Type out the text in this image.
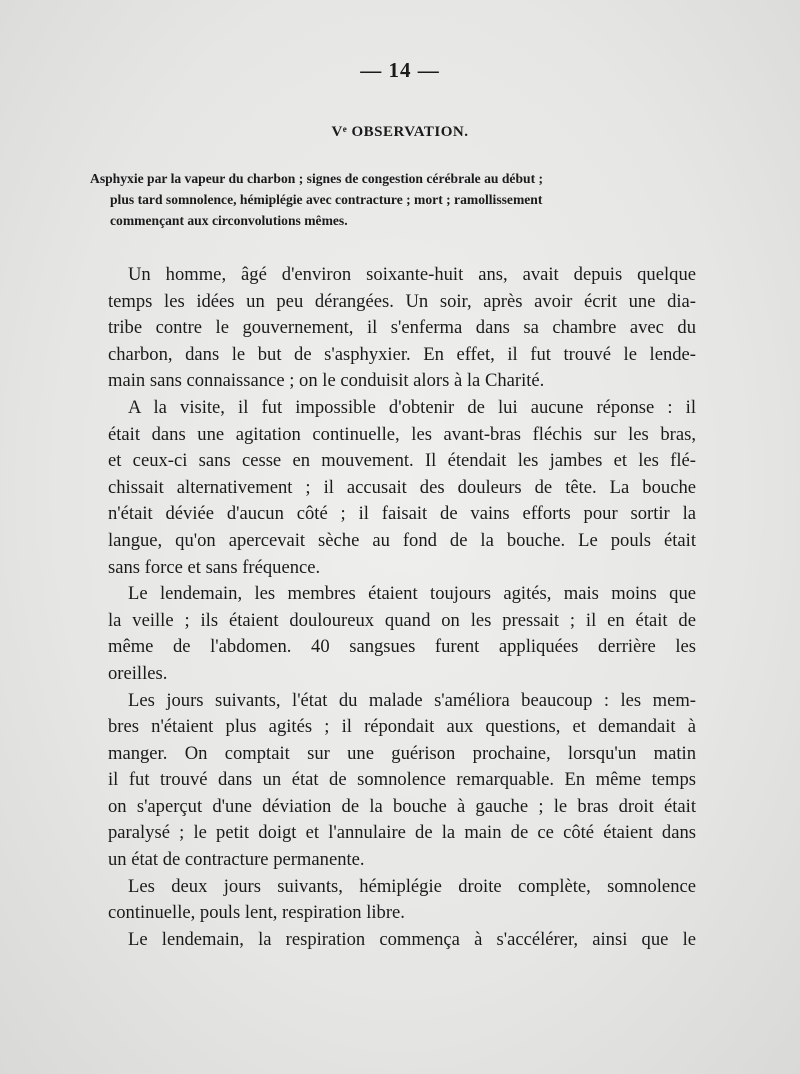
— 14 —
Vᵉ OBSERVATION.
Asphyxie par la vapeur du charbon ; signes de congestion cérébrale au début ;
plus tard somnolence, hémiplégie avec contracture ; mort ; ramollissement
commençant aux circonvolutions mêmes.
Un homme, âgé d'environ soixante-huit ans, avait depuis quelque
temps les idées un peu dérangées. Un soir, après avoir écrit une dia-
tribe contre le gouvernement, il s'enferma dans sa chambre avec du
charbon, dans le but de s'asphyxier. En effet, il fut trouvé le lende-
main sans connaissance ; on le conduisit alors à la Charité.
A la visite, il fut impossible d'obtenir de lui aucune réponse : il
était dans une agitation continuelle, les avant-bras fléchis sur les bras,
et ceux-ci sans cesse en mouvement. Il étendait les jambes et les flé-
chissait alternativement ; il accusait des douleurs de tête. La bouche
n'était déviée d'aucun côté ; il faisait de vains efforts pour sortir la
langue, qu'on apercevait sèche au fond de la bouche. Le pouls était
sans force et sans fréquence.
Le lendemain, les membres étaient toujours agités, mais moins que
la veille ; ils étaient douloureux quand on les pressait ; il en était de
même de l'abdomen. 40 sangsues furent appliquées derrière les
oreilles.
Les jours suivants, l'état du malade s'améliora beaucoup : les mem-
bres n'étaient plus agités ; il répondait aux questions, et demandait à
manger. On comptait sur une guérison prochaine, lorsqu'un matin
il fut trouvé dans un état de somnolence remarquable. En même temps
on s'aperçut d'une déviation de la bouche à gauche ; le bras droit était
paralysé ; le petit doigt et l'annulaire de la main de ce côté étaient dans
un état de contracture permanente.
Les deux jours suivants, hémiplégie droite complète, somnolence
continuelle, pouls lent, respiration libre.
Le lendemain, la respiration commença à s'accélérer, ainsi que le
